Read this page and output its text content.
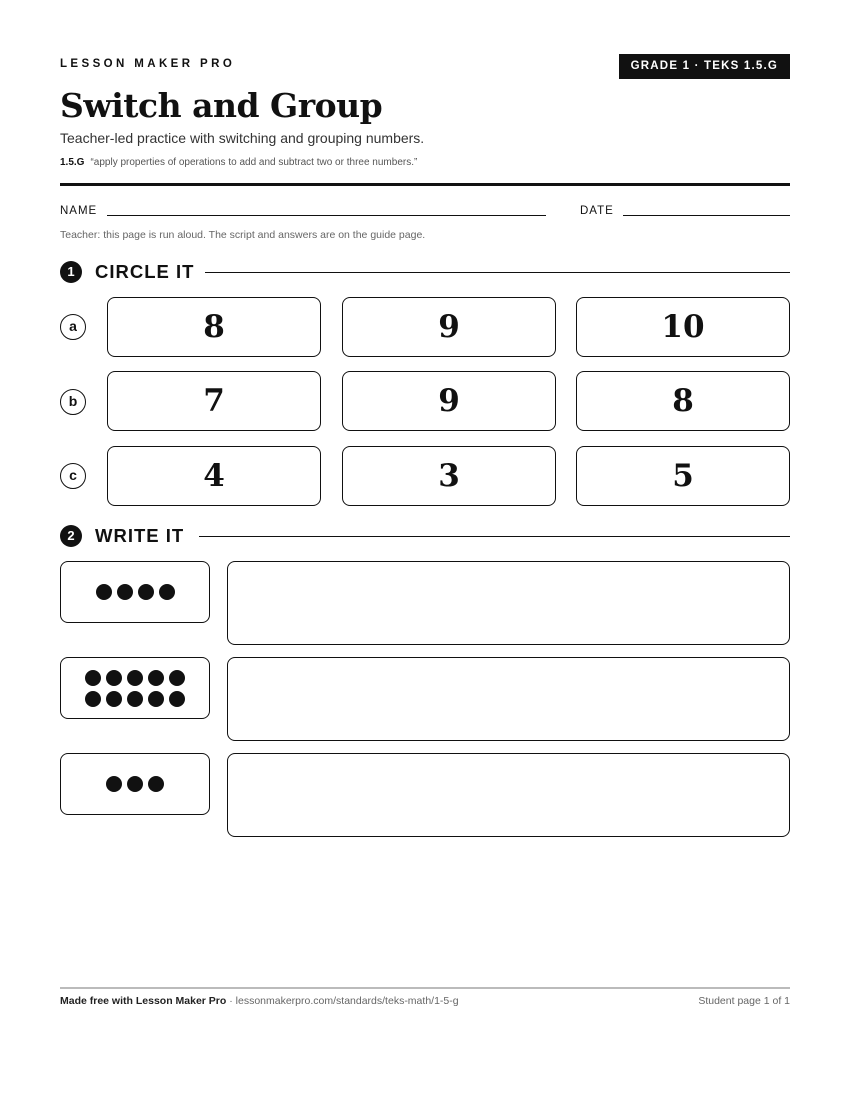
LESSON MAKER PRO	GRADE 1 · TEKS 1.5.G
Switch and Group
Teacher-led practice with switching and grouping numbers.
1.5.G “apply properties of operations to add and subtract two or three numbers.”
NAME	DATE
Teacher: this page is run aloud. The script and answers are on the guide page.
1	CIRCLE IT
a	8	9	10
b	7	9	8
c	4	3	5
2	WRITE IT
Made free with Lesson Maker Pro · lessonmakerpro.com/standards/teks-math/1-5-g	Student page 1 of 1
